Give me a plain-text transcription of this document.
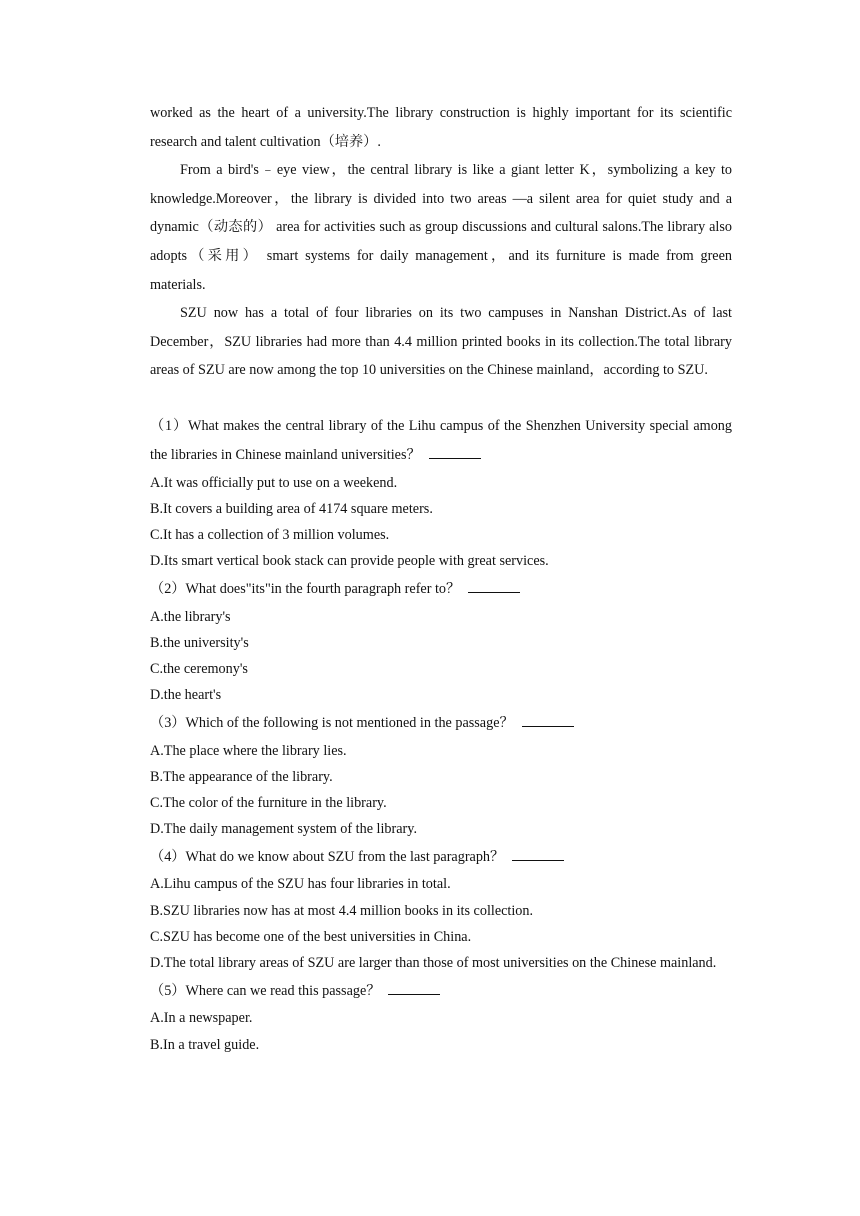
worked as the heart of a university.The library construction is highly important for its scientific research and talent cultivation（培养）.

From a bird's﹣eye view，the central library is like a giant letter K，symbolizing a key to knowledge.Moreover，the library is divided into two areas —a silent area for quiet study and a dynamic（动态的） area for activities such as group discussions and cultural salons.The library also adopts（采用） smart systems for daily management，and its furniture is made from green materials.

SZU now has a total of four libraries on its two campuses in Nanshan District.As of last December，SZU libraries had more than 4.4 million printed books in its collection.The total library areas of SZU are now among the top 10 universities on the Chinese mainland，according to SZU.

（1）What makes the central library of the Lihu campus of the Shenzhen University special among the libraries in Chinese mainland universities？

A.It was officially put to use on a weekend.

B.It covers a building area of 4174 square meters.

C.It has a collection of 3 million volumes.

D.Its smart vertical book stack can provide people with great services.

（2）What does"its"in the fourth paragraph refer to？

A.the library's

B.the university's

C.the ceremony's

D.the heart's

（3）Which of the following is not mentioned in the passage？

A.The place where the library lies.

B.The appearance of the library.

C.The color of the furniture in the library.

D.The daily management system of the library.

（4）What do we know about SZU from the last paragraph？

A.Lihu campus of the SZU has four libraries in total.

B.SZU libraries now has at most 4.4 million books in its collection.

C.SZU has become one of the best universities in China.

D.The total library areas of SZU are larger than those of most universities on the Chinese mainland.

（5）Where can we read this passage？

A.In a newspaper.

B.In a travel guide.
